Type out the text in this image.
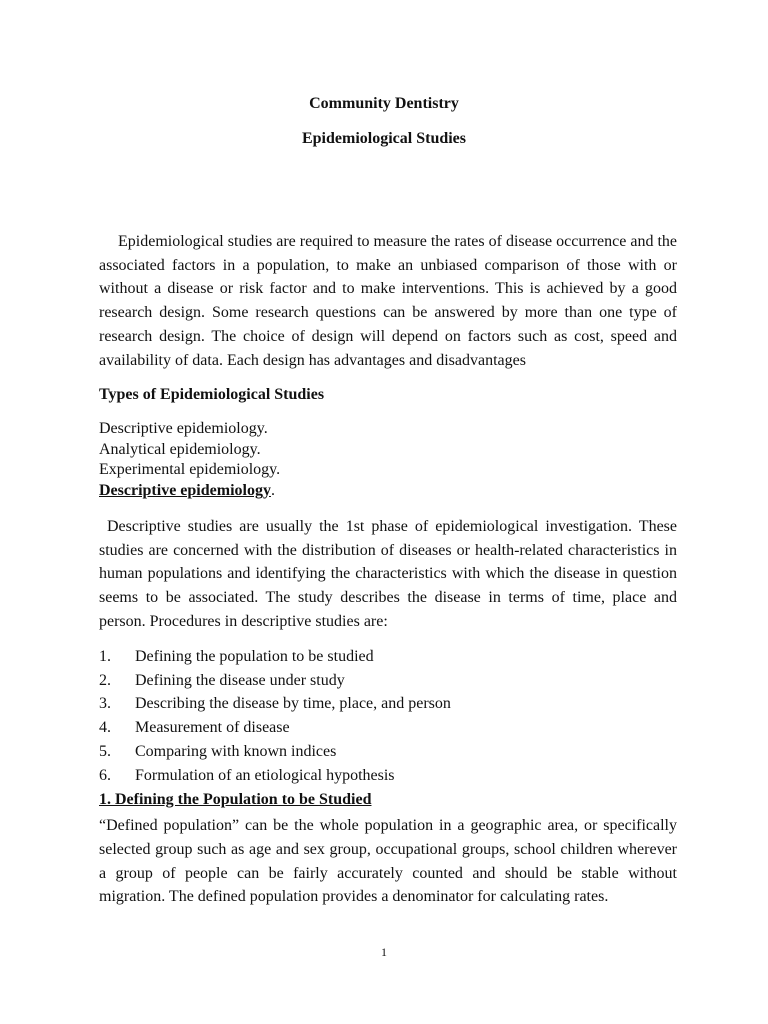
Community Dentistry

Epidemiological Studies

Epidemiological studies are required to measure the rates of disease occurrence and the associated factors in a population, to make an unbiased comparison of those with or without a disease or risk factor and to make interventions. This is achieved by a good research design. Some research questions can be answered by more than one type of research design. The choice of design will depend on factors such as cost, speed and availability of data. Each design has advantages and disadvantages

Types of Epidemiological Studies

Descriptive epidemiology.
Analytical epidemiology.
Experimental epidemiology.
Descriptive epidemiology.

Descriptive studies are usually the 1st phase of epidemiological investigation. These studies are concerned with the distribution of diseases or health-related characteristics in human populations and identifying the characteristics with which the disease in question seems to be associated. The study describes the disease in terms of time, place and person. Procedures in descriptive studies are:

1. Defining the population to be studied
2. Defining the disease under study
3. Describing the disease by time, place, and person
4. Measurement of disease
5. Comparing with known indices
6. Formulation of an etiological hypothesis

1. Defining the Population to be Studied

“Defined population” can be the whole population in a geographic area, or specifically selected group such as age and sex group, occupational groups, school children wherever a group of people can be fairly accurately counted and should be stable without migration. The defined population provides a denominator for calculating rates.

1
